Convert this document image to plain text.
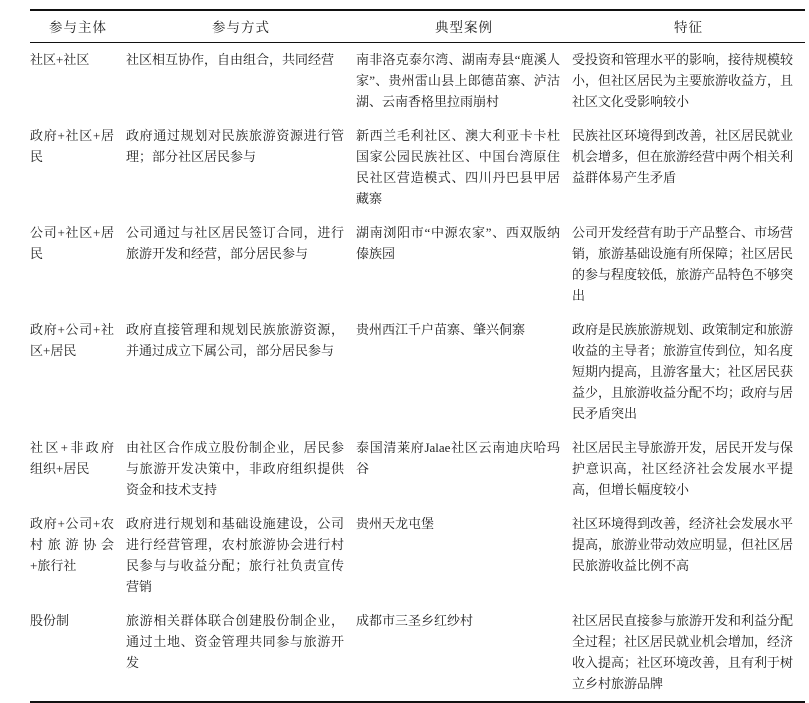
参与主体	参与方式	典型案例	特征
社区+社区	社区相互协作，自由组合，共同经营	南非洛克泰尔湾、湖南寿县“鹿溪人家”、贵州雷山县上郎德苗寨、泸沽湖、云南香格里拉雨崩村	受投资和管理水平的影响，接待规模较小，但社区居民为主要旅游收益方，且社区文化受影响较小
政府+社区+居民	政府通过规划对民族旅游资源进行管理；部分社区居民参与	新西兰毛利社区、澳大利亚卡卡杜国家公园民族社区、中国台湾原住民社区营造模式、四川丹巴县甲居藏寨	民族社区环境得到改善，社区居民就业机会增多，但在旅游经营中两个相关利益群体易产生矛盾
公司+社区+居民	公司通过与社区居民签订合同，进行旅游开发和经营，部分居民参与	湖南浏阳市“中源农家”、西双版纳傣族园	公司开发经营有助于产品整合、市场营销，旅游基础设施有所保障；社区居民的参与程度较低，旅游产品特色不够突出
政府+公司+社区+居民	政府直接管理和规划民族旅游资源，并通过成立下属公司，部分居民参与	贵州西江千户苗寨、肇兴侗寨	政府是民族旅游规划、政策制定和旅游收益的主导者；旅游宣传到位，知名度短期内提高，且游客量大；社区居民获益少，且旅游收益分配不均；政府与居民矛盾突出
社区+非政府组织+居民	由社区合作成立股份制企业，居民参与旅游开发决策中，非政府组织提供资金和技术支持	泰国清莱府Jalae社区云南迪庆哈玛谷	社区居民主导旅游开发，居民开发与保护意识高，社区经济社会发展水平提高，但增长幅度较小
政府+公司+农村旅游协会+旅行社	政府进行规划和基础设施建设，公司进行经营管理，农村旅游协会进行村民参与与收益分配；旅行社负责宣传营销	贵州天龙屯堡	社区环境得到改善，经济社会发展水平提高，旅游业带动效应明显，但社区居民旅游收益比例不高
股份制	旅游相关群体联合创建股份制企业，通过土地、资金管理共同参与旅游开发	成都市三圣乡红纱村	社区居民直接参与旅游开发和利益分配全过程；社区居民就业机会增加，经济收入提高；社区环境改善，且有利于树立乡村旅游品牌
